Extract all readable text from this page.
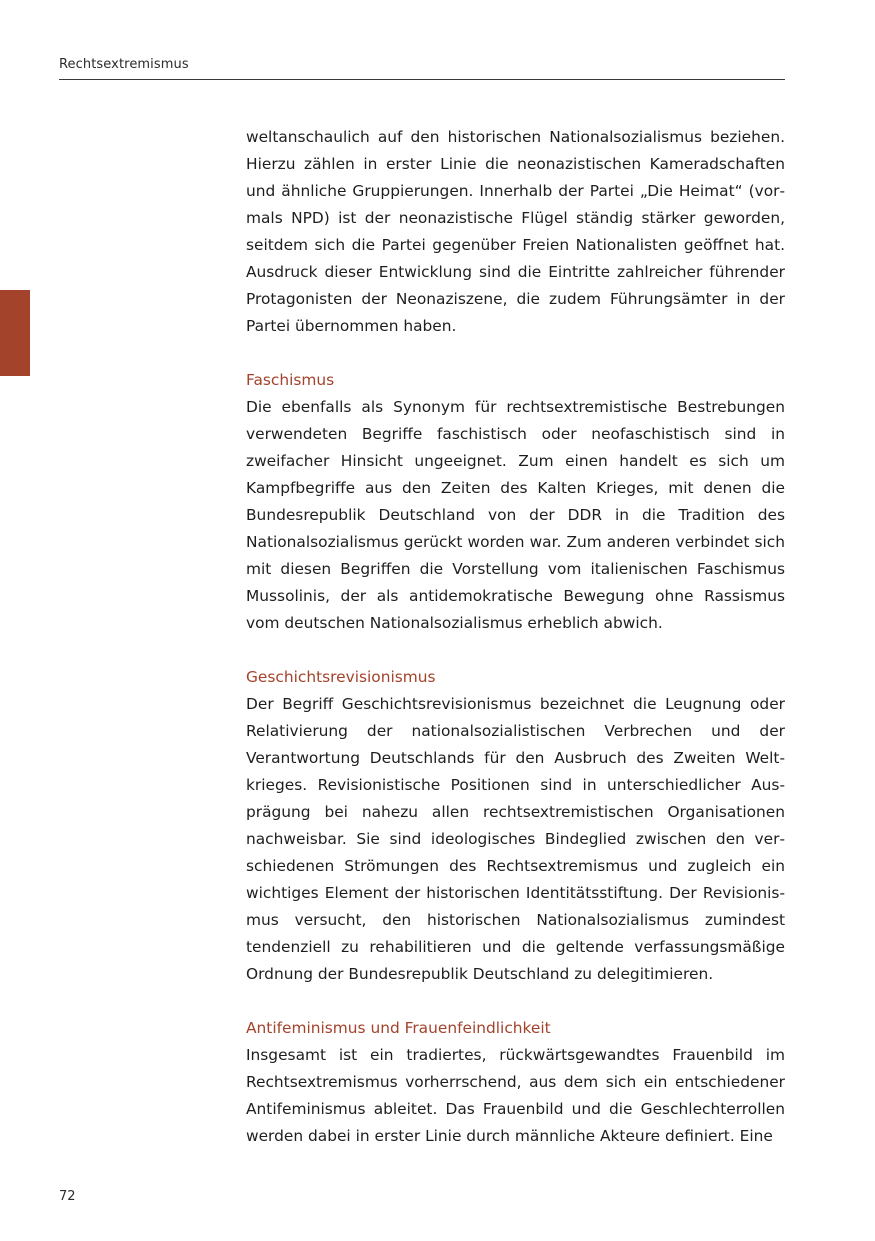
Rechtsextremismus

weltanschaulich auf den historischen Nationalsozialismus beziehen. Hierzu zählen in erster Linie die neonazistischen Kameradschaften und ähnliche Gruppierungen. Innerhalb der Partei „Die Heimat“ (vormals NPD) ist der neonazistische Flügel ständig stärker geworden, seitdem sich die Partei gegenüber Freien Nationalisten geöffnet hat. Ausdruck dieser Entwicklung sind die Eintritte zahlreicher führender Protagonisten der Neonaziszene, die zudem Führungsämter in der Partei übernommen haben.

Faschismus

Die ebenfalls als Synonym für rechtsextremistische Bestrebungen verwendeten Begriffe faschistisch oder neofaschistisch sind in zweifacher Hinsicht ungeeignet. Zum einen handelt es sich um Kampfbegriffe aus den Zeiten des Kalten Krieges, mit denen die Bundesrepublik Deutschland von der DDR in die Tradition des Nationalsozialismus gerückt worden war. Zum anderen verbindet sich mit diesen Begriffen die Vorstellung vom italienischen Faschismus Mussolinis, der als antidemokratische Bewegung ohne Rassismus vom deutschen Nationalsozialismus erheblich abwich.

Geschichtsrevisionismus

Der Begriff Geschichtsrevisionismus bezeichnet die Leugnung oder Relativierung der nationalsozialistischen Verbrechen und der Verantwortung Deutschlands für den Ausbruch des Zweiten Weltkrieges. Revisionistische Positionen sind in unterschiedlicher Ausprägung bei nahezu allen rechtsextremistischen Organisationen nachweisbar. Sie sind ideologisches Bindeglied zwischen den verschiedenen Strömungen des Rechtsextremismus und zugleich ein wichtiges Element der historischen Identitätsstiftung. Der Revisionismus versucht, den historischen Nationalsozialismus zumindest tendenziell zu rehabilitieren und die geltende verfassungsmäßige Ordnung der Bundesrepublik Deutschland zu delegitimieren.

Antifeminismus und Frauenfeindlichkeit

Insgesamt ist ein tradiertes, rückwärtsgewandtes Frauenbild im Rechtsextremismus vorherrschend, aus dem sich ein entschiedener Antifeminismus ableitet. Das Frauenbild und die Geschlechterrollen werden dabei in erster Linie durch männliche Akteure definiert. Eine

72
